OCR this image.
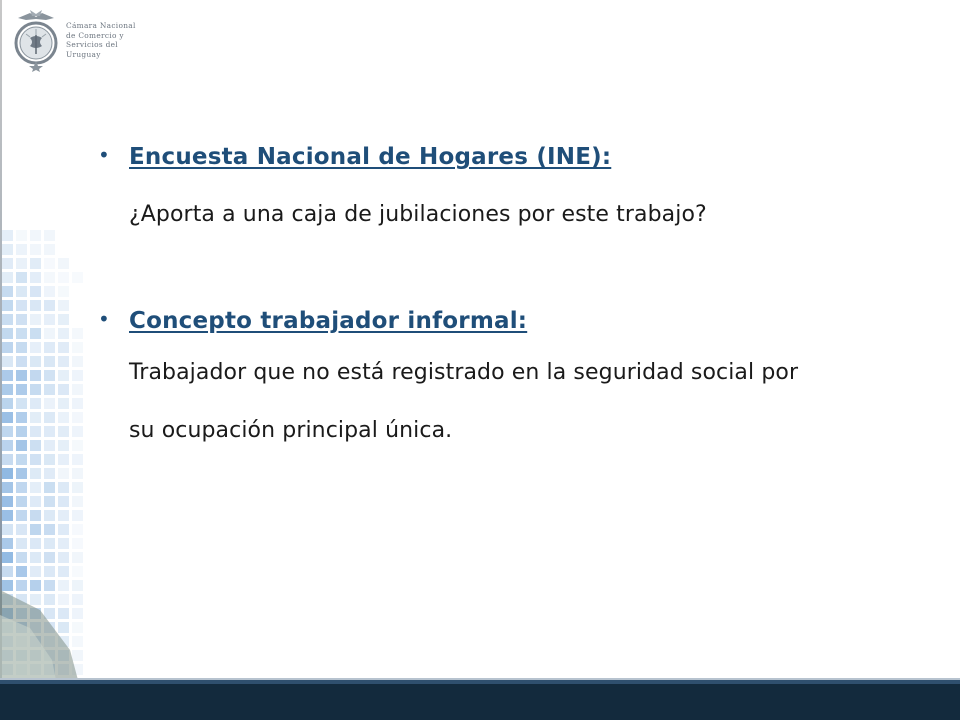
Cámara Nacional
de Comercio y
Servicios del
Uruguay
• Encuesta Nacional de Hogares (INE):
¿Aporta a una caja de jubilaciones por este trabajo?
• Concepto trabajador informal:
Trabajador que no está registrado en la seguridad social por
su ocupación principal única.
